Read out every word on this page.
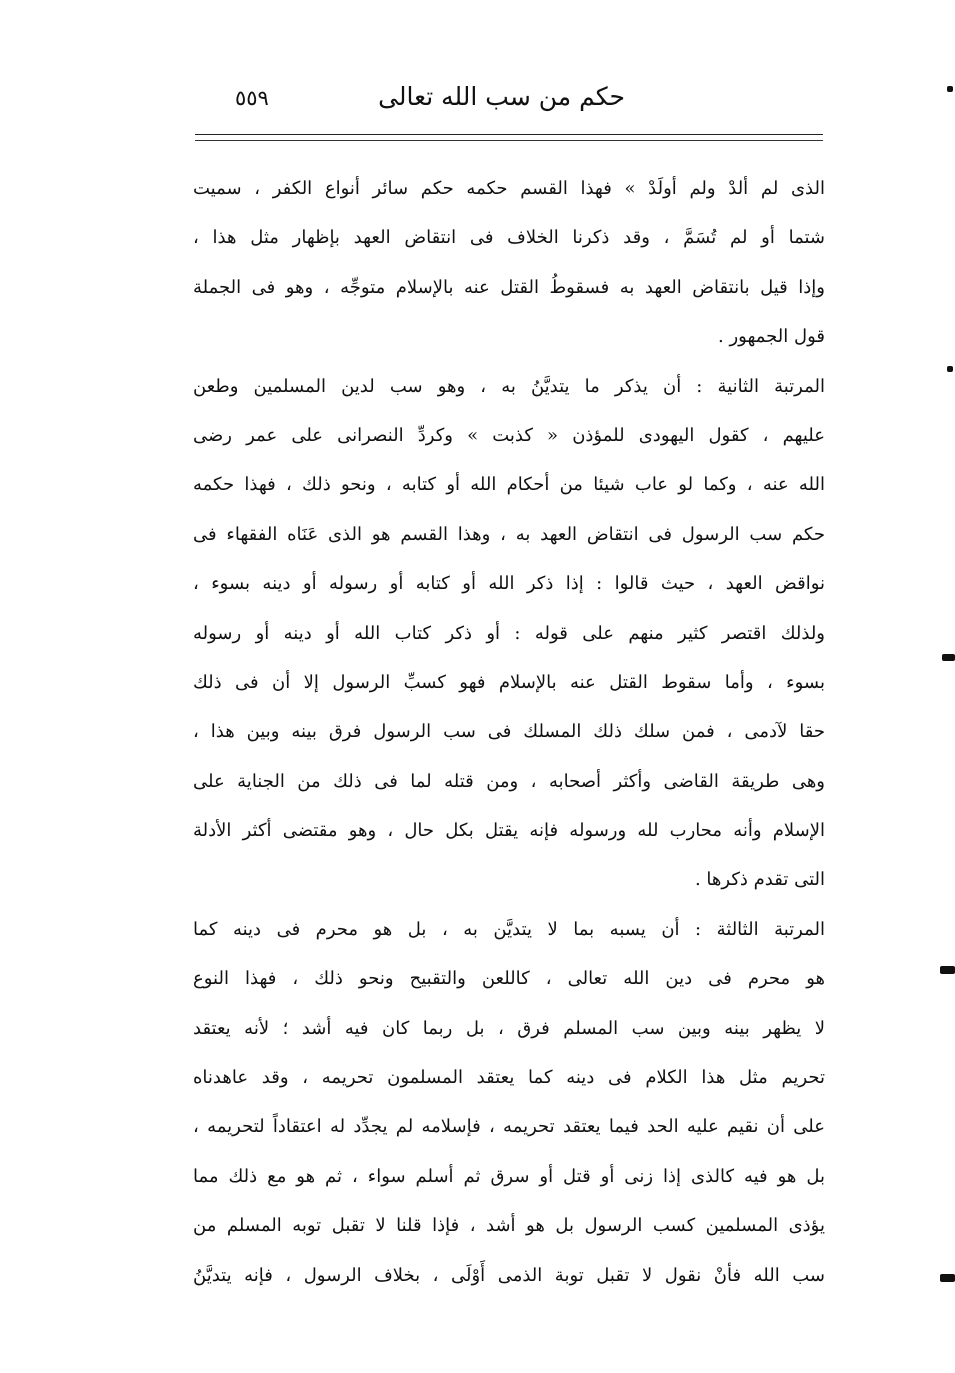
حكم من سب الله تعالى
٥٥٩
الذى لم ألدْ ولم أولَدْ » فهذا القسم حكمه حكم سائر أنواع الكفر ، سميت
شتما أو لم تُسَمَّ ، وقد ذكرنا الخلاف فى انتقاض العهد بإظهار مثل هذا ،
وإذا قيل بانتقاض العهد به فسقوطُ القتل عنه بالإسلام متوجِّه ، وهو فى الجملة
قول الجمهور .
المرتبة الثانية : أن يذكر ما يتديَّنُ به ، وهو سب لدين المسلمين وطعن
عليهم ، كقول اليهودى للمؤذن « كذبت » وكردِّ النصرانى على عمر رضى
الله عنه ، وكما لو عاب شيئا من أحكام الله أو كتابه ، ونحو ذلك ، فهذا حكمه
حكم سب الرسول فى انتقاض العهد به ، وهذا القسم هو الذى عَنَاه الفقهاء فى
نواقض العهد ، حيث قالوا : إذا ذكر الله أو كتابه أو رسوله أو دينه بسوء ،
ولذلك اقتصر كثير منهم على قوله : أو ذكر كتاب الله أو دينه أو رسوله
بسوء ، وأما سقوط القتل عنه بالإسلام فهو كسبِّ الرسول إلا أن فى ذلك
حقا لآدمى ، فمن سلك ذلك المسلك فى سب الرسول فرق بينه وبين هذا ،
وهى طريقة القاضى وأكثر أصحابه ، ومن قتله لما فى ذلك من الجناية على
الإسلام وأنه محارب لله ورسوله فإنه يقتل بكل حال ، وهو مقتضى أكثر الأدلة
التى تقدم ذكرها .
المرتبة الثالثة : أن يسبه بما لا يتديَّن به ، بل هو محرم فى دينه كما
هو محرم فى دين الله تعالى ، كاللعن والتقبيح ونحو ذلك ، فهذا النوع
لا يظهر بينه وبين سب المسلم فرق ، بل ربما كان فيه أشد ؛ لأنه يعتقد
تحريم مثل هذا الكلام فى دينه كما يعتقد المسلمون تحريمه ، وقد عاهدناه
على أن نقيم عليه الحد فيما يعتقد تحريمه ، فإسلامه لم يجدِّد له اعتقاداً لتحريمه ،
بل هو فيه كالذى إذا زنى أو قتل أو سرق ثم أسلم سواء ، ثم هو مع ذلك مما
يؤذى المسلمين كسب الرسول بل هو أشد ، فإذا قلنا لا تقبل توبه المسلم من
سب الله فأنْ نقول لا تقبل توبة الذمى أَوْلَى ، بخلاف الرسول ، فإنه يتديَّنُ
